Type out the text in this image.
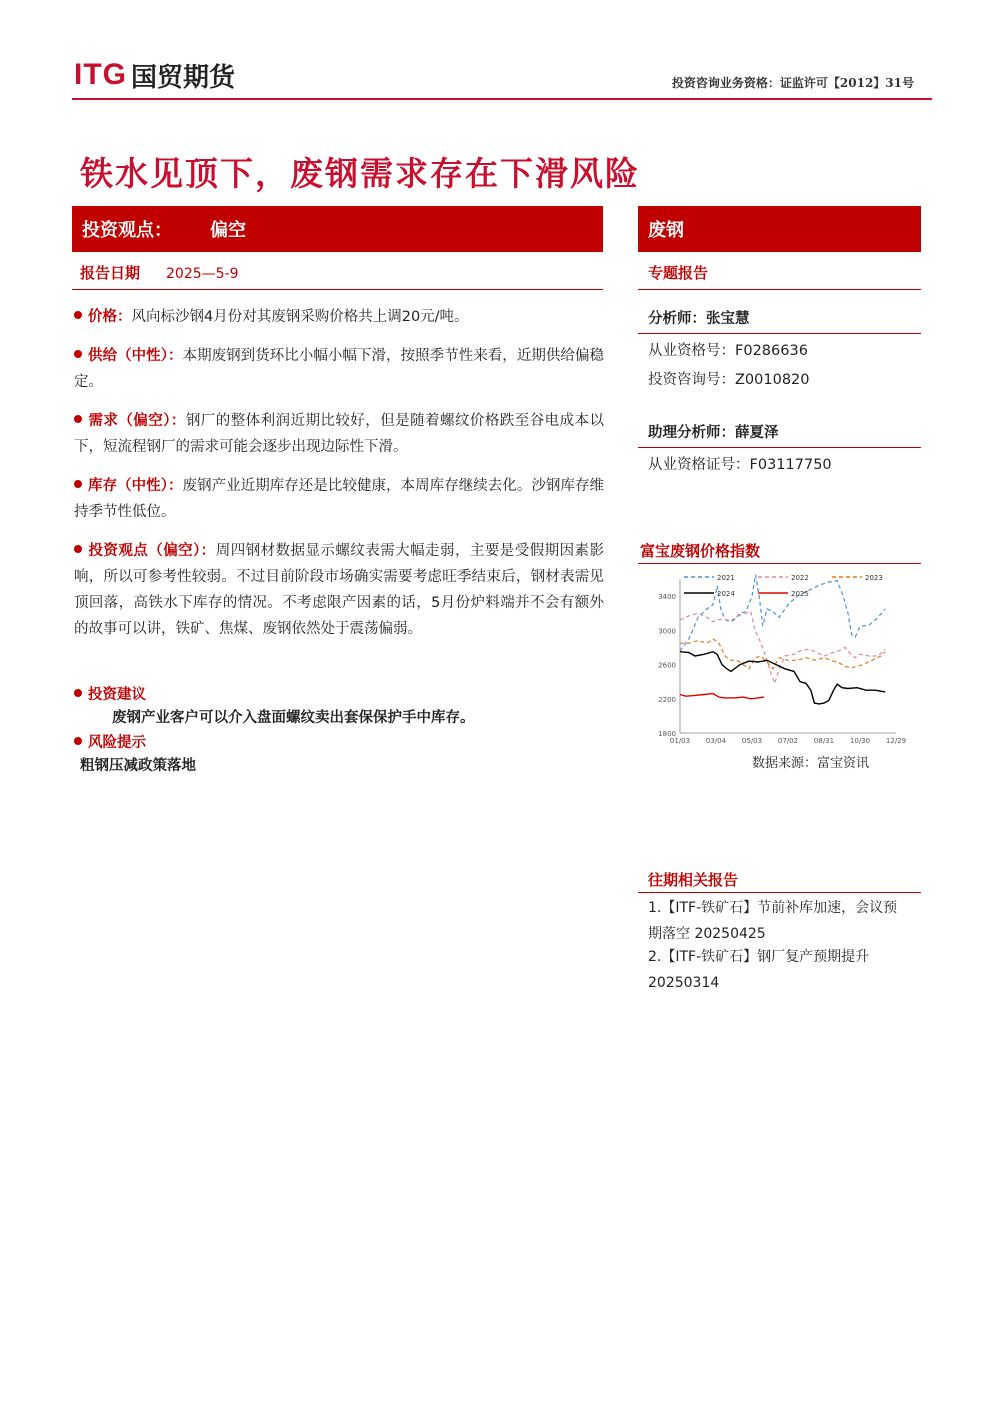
ITG 国贸期货	投资咨询业务资格：证监许可【2012】31号
铁水见顶下，废钢需求存在下滑风险
投资观点： 偏空	废钢
报告日期 2025—5-9	专题报告
价格：风向标沙钢4月份对其废钢采购价格共上调20元/吨。
供给（中性）：本期废钢到货环比小幅小幅下滑，按照季节性来看，近期供给偏稳定。
需求（偏空）：钢厂的整体利润近期比较好，但是随着螺纹价格跌至谷电成本以下，短流程钢厂的需求可能会逐步出现边际性下滑。
库存（中性）：废钢产业近期库存还是比较健康，本周库存继续去化。沙钢库存维持季节性低位。
投资观点（偏空）：周四钢材数据显示螺纹表需大幅走弱，主要是受假期因素影响，所以可参考性较弱。不过目前阶段市场确实需要考虑旺季结束后，钢材表需见顶回落，高铁水下库存的情况。不考虑限产因素的话，5月份炉料端并不会有额外的故事可以讲，铁矿、焦煤、废钢依然处于震荡偏弱。
投资建议
废钢产业客户可以介入盘面螺纹卖出套保保护手中库存。
风险提示
粗钢压减政策落地
分析师：张宝慧
从业资格号：F0286636
投资咨询号：Z0010820
助理分析师：薛夏泽
从业资格证号：F03117750
富宝废钢价格指数
1800
2200
2600
3000
3400
01/03 03/04 05/03 07/02 08/31 10/30 12/29
2021	2022	2023
2024	2025
数据来源：富宝资讯
往期相关报告
1.【ITF-铁矿石】节前补库加速，会议预期落空 20250425
2.【ITF-铁矿石】钢厂复产预期提升 20250314
